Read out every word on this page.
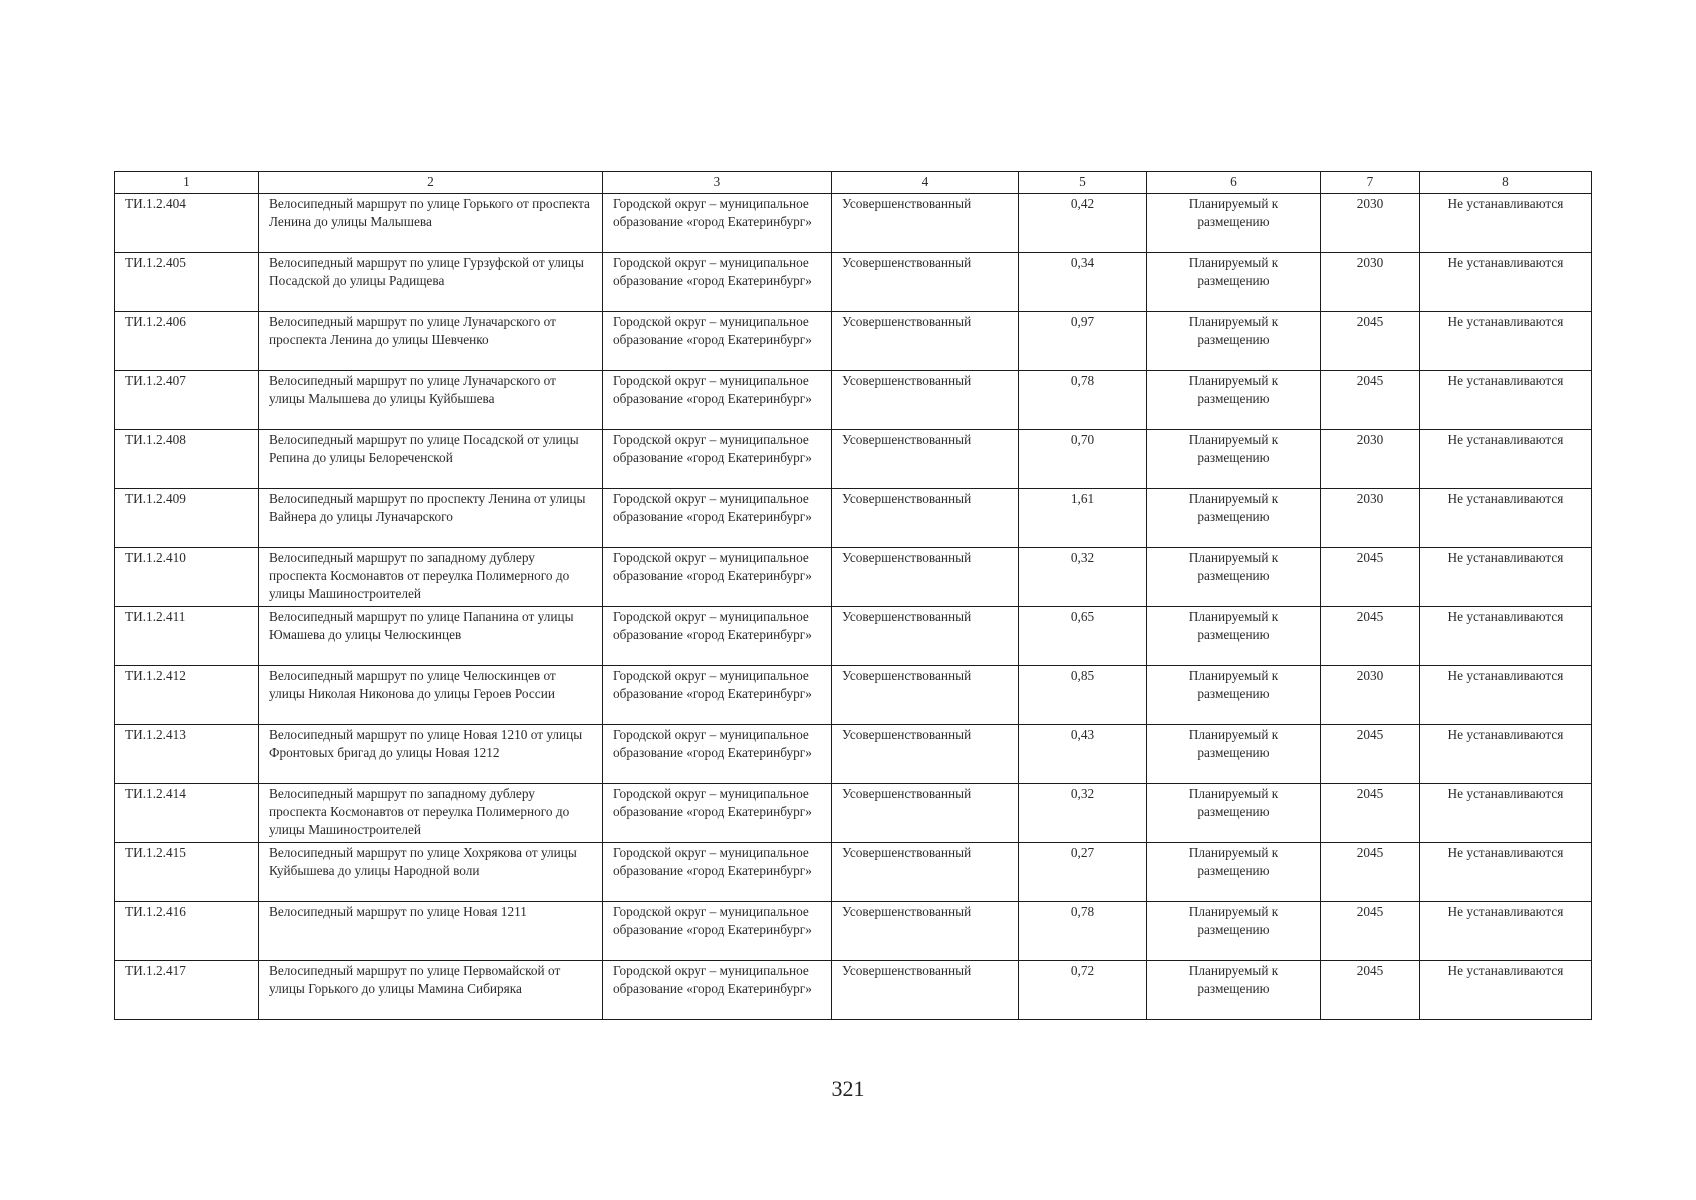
1	2	3	4	5	6	7	8
ТИ.1.2.404	Велосипедный маршрут по улице Горького от проспекта Ленина до улицы Малышева	Городской округ – муниципальное образование «город Екатеринбург»	Усовершенствованный	0,42	Планируемый к размещению	2030	Не устанавливаются
ТИ.1.2.405	Велосипедный маршрут по улице Гурзуфской от улицы Посадской до улицы Радищева	Городской округ – муниципальное образование «город Екатеринбург»	Усовершенствованный	0,34	Планируемый к размещению	2030	Не устанавливаются
ТИ.1.2.406	Велосипедный маршрут по улице Луначарского от проспекта Ленина до улицы Шевченко	Городской округ – муниципальное образование «город Екатеринбург»	Усовершенствованный	0,97	Планируемый к размещению	2045	Не устанавливаются
ТИ.1.2.407	Велосипедный маршрут по улице Луначарского от улицы Малышева до улицы Куйбышева	Городской округ – муниципальное образование «город Екатеринбург»	Усовершенствованный	0,78	Планируемый к размещению	2045	Не устанавливаются
ТИ.1.2.408	Велосипедный маршрут по улице Посадской от улицы Репина до улицы Белореченской	Городской округ – муниципальное образование «город Екатеринбург»	Усовершенствованный	0,70	Планируемый к размещению	2030	Не устанавливаются
ТИ.1.2.409	Велосипедный маршрут по проспекту Ленина от улицы Вайнера до улицы Луначарского	Городской округ – муниципальное образование «город Екатеринбург»	Усовершенствованный	1,61	Планируемый к размещению	2030	Не устанавливаются
ТИ.1.2.410	Велосипедный маршрут по западному дублеру проспекта Космонавтов от переулка Полимерного до улицы Машиностроителей	Городской округ – муниципальное образование «город Екатеринбург»	Усовершенствованный	0,32	Планируемый к размещению	2045	Не устанавливаются
ТИ.1.2.411	Велосипедный маршрут по улице Папанина от улицы Юмашева до улицы Челюскинцев	Городской округ – муниципальное образование «город Екатеринбург»	Усовершенствованный	0,65	Планируемый к размещению	2045	Не устанавливаются
ТИ.1.2.412	Велосипедный маршрут по улице Челюскинцев от улицы Николая Никонова до улицы Героев России	Городской округ – муниципальное образование «город Екатеринбург»	Усовершенствованный	0,85	Планируемый к размещению	2030	Не устанавливаются
ТИ.1.2.413	Велосипедный маршрут по улице Новая 1210 от улицы Фронтовых бригад до улицы Новая 1212	Городской округ – муниципальное образование «город Екатеринбург»	Усовершенствованный	0,43	Планируемый к размещению	2045	Не устанавливаются
ТИ.1.2.414	Велосипедный маршрут по западному дублеру проспекта Космонавтов от переулка Полимерного до улицы Машиностроителей	Городской округ – муниципальное образование «город Екатеринбург»	Усовершенствованный	0,32	Планируемый к размещению	2045	Не устанавливаются
ТИ.1.2.415	Велосипедный маршрут по улице Хохрякова от улицы Куйбышева до улицы Народной воли	Городской округ – муниципальное образование «город Екатеринбург»	Усовершенствованный	0,27	Планируемый к размещению	2045	Не устанавливаются
ТИ.1.2.416	Велосипедный маршрут по улице Новая 1211	Городской округ – муниципальное образование «город Екатеринбург»	Усовершенствованный	0,78	Планируемый к размещению	2045	Не устанавливаются
ТИ.1.2.417	Велосипедный маршрут по улице Первомайской от улицы Горького до улицы Мамина Сибиряка	Городской округ – муниципальное образование «город Екатеринбург»	Усовершенствованный	0,72	Планируемый к размещению	2045	Не устанавливаются
321
